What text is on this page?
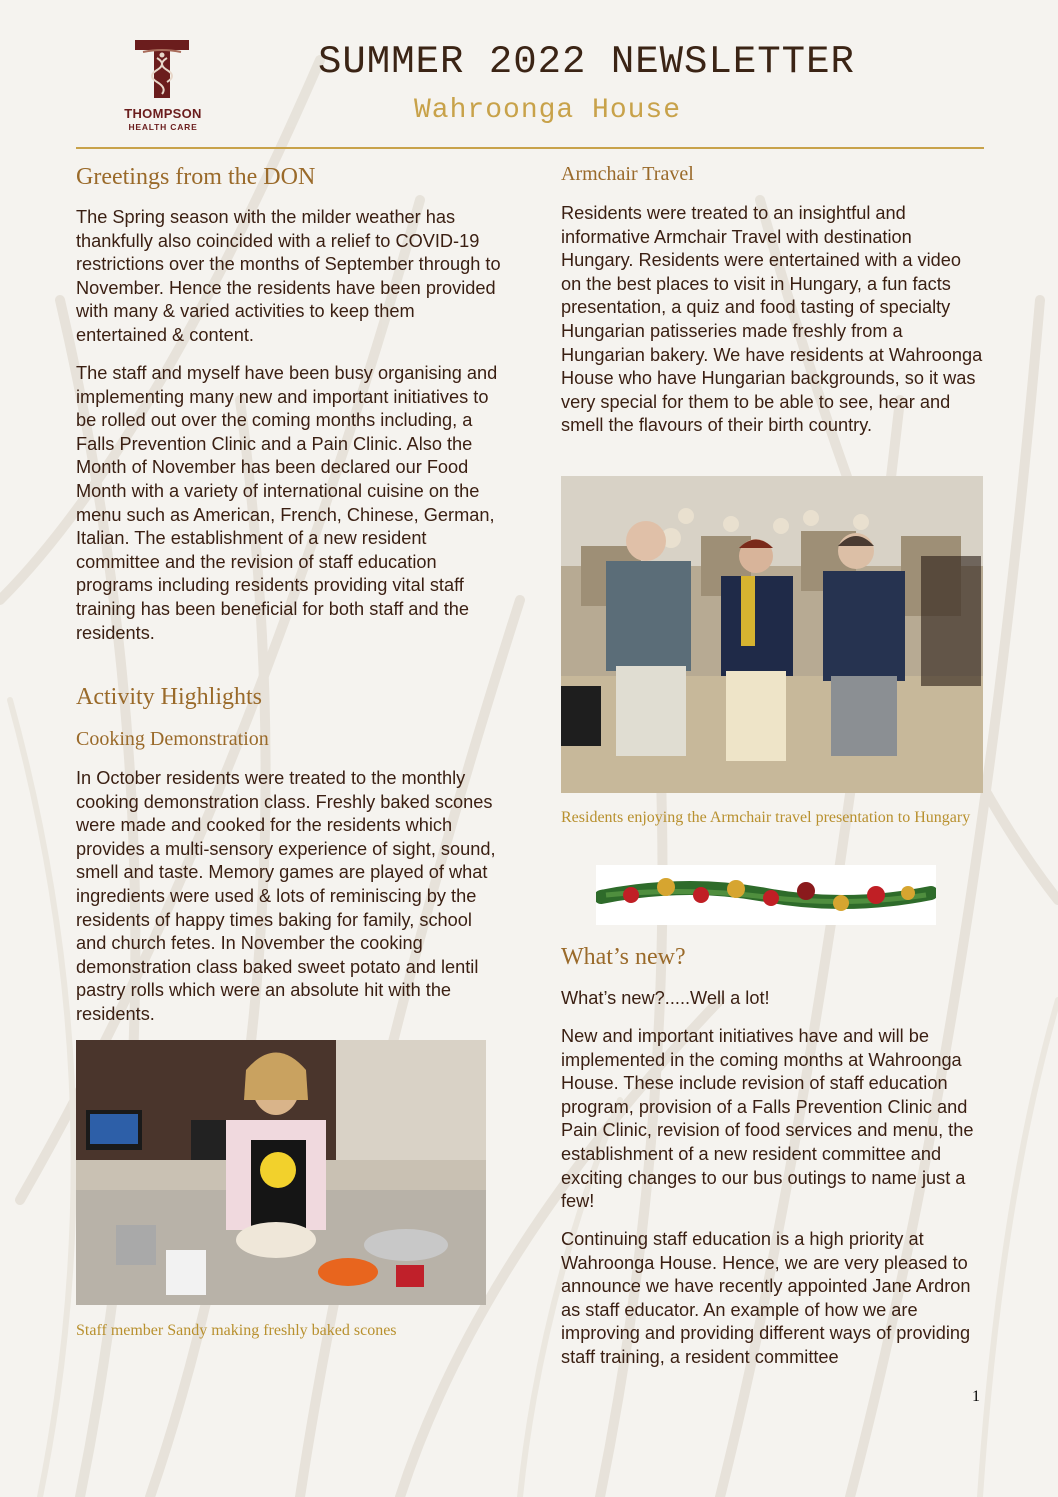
THOMPSON
HEALTH CARE
SUMMER 2022 NEWSLETTER
Wahroonga House
Greetings from the DON

The Spring season with the milder weather has thankfully also coincided with a relief to COVID-19 restrictions over the months of September through to November. Hence the residents have been provided with many & varied activities to keep them entertained & content.

The staff and myself have been busy organising and implementing many new and important initiatives to be rolled out over the coming months including, a Falls Prevention Clinic and a Pain Clinic. Also the Month of November has been declared our Food Month with a variety of international cuisine on the menu such as American, French, Chinese, German, Italian. The establishment of a new resident committee and the revision of staff education programs including residents providing vital staff training has been beneficial for both staff and the residents.

Activity Highlights
Cooking Demonstration

In October residents were treated to the monthly cooking demonstration class. Freshly baked scones were made and cooked for the residents which provides a multi-sensory experience of sight, sound, smell and taste. Memory games are played of what ingredients were used & lots of reminiscing by the residents of happy times baking for family, school and church fetes. In November the cooking demonstration class baked sweet potato and lentil pastry rolls which were an absolute hit with the residents.

Staff member Sandy making freshly baked scones
Armchair Travel

Residents were treated to an insightful and informative Armchair Travel with destination Hungary. Residents were entertained with a video on the best places to visit in Hungary, a fun facts presentation, a quiz and food tasting of specialty Hungarian patisseries made freshly from a Hungarian bakery. We have residents at Wahroonga House who have Hungarian backgrounds, so it was very special for them to be able to see, hear and smell the flavours of their birth country.

Residents enjoying the Armchair travel presentation to Hungary
What’s new?

What’s new?.....Well a lot!

New and important initiatives have and will be implemented in the coming months at Wahroonga House. These include revision of staff education program, provision of a Falls Prevention Clinic and Pain Clinic, revision of food services and menu, the establishment of a new resident committee and exciting changes to our bus outings to name just a few!

Continuing staff education is a high priority at Wahroonga House. Hence, we are very pleased to announce we have recently appointed Jane Ardron as staff educator. An example of how we are improving and providing different ways of providing staff training, a resident committee

1
